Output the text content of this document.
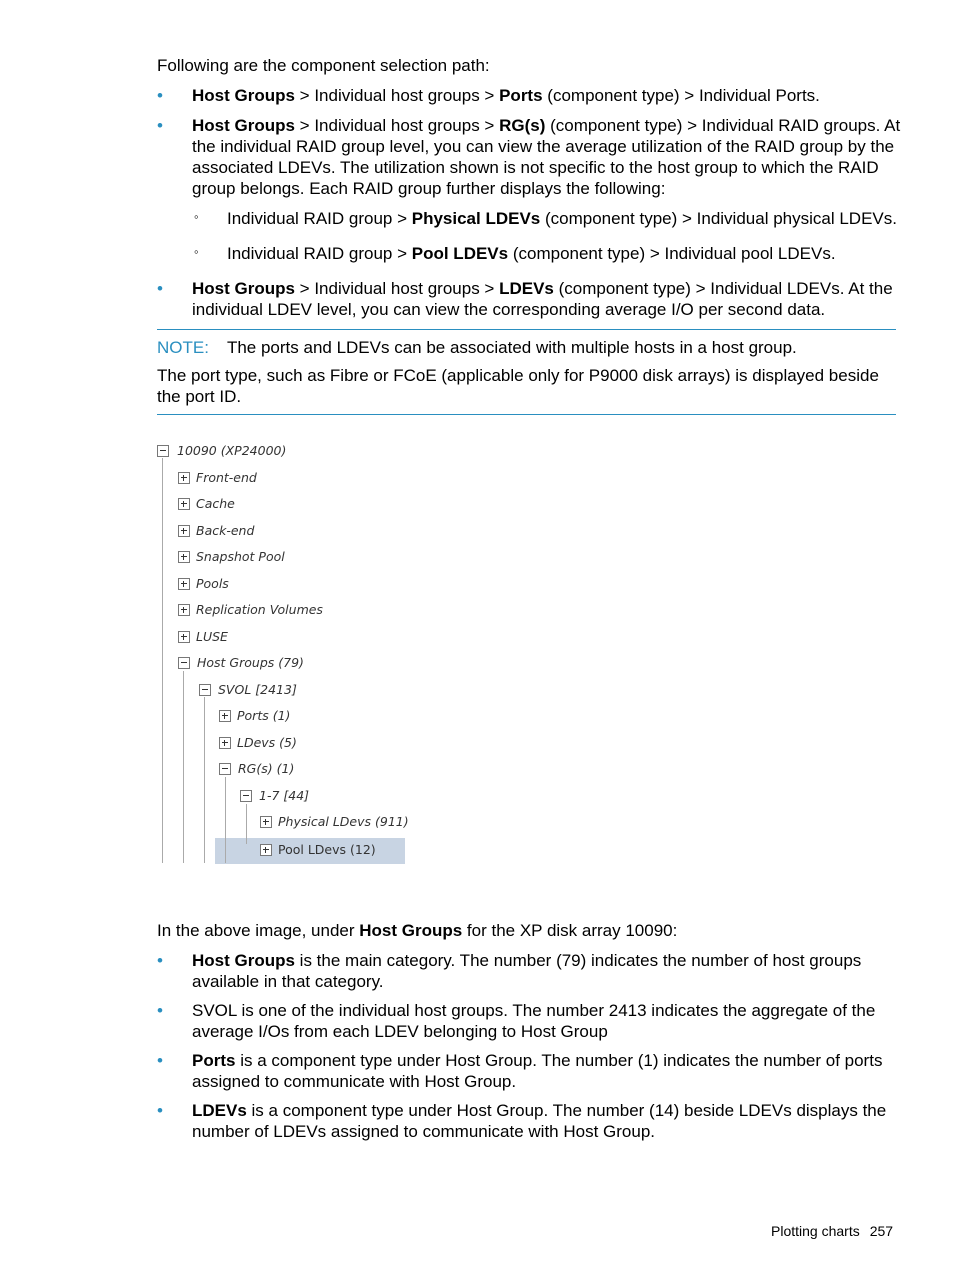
Following are the component selection path:
• Host Groups > Individual host groups > Ports (component type) > Individual Ports.
• Host Groups > Individual host groups > RG(s) (component type) > Individual RAID groups. At the individual RAID group level, you can view the average utilization of the RAID group by the associated LDEVs. The utilization shown is not specific to the host group to which the RAID group belongs. Each RAID group further displays the following:
◦ Individual RAID group > Physical LDEVs (component type) > Individual physical LDEVs.
◦ Individual RAID group > Pool LDEVs (component type) > Individual pool LDEVs.
• Host Groups > Individual host groups > LDEVs (component type) > Individual LDEVs. At the individual LDEV level, you can view the corresponding average I/O per second data.
NOTE: The ports and LDEVs can be associated with multiple hosts in a host group.
The port type, such as Fibre or FCoE (applicable only for P9000 disk arrays) is displayed beside the port ID.
10090 (XP24000)
Front-end
Cache
Back-end
Snapshot Pool
Pools
Replication Volumes
LUSE
Host Groups (79)
SVOL [2413]
Ports (1)
LDevs (5)
RG(s) (1)
1-7 [44]
Physical LDevs (911)
Pool LDevs (12)
In the above image, under Host Groups for the XP disk array 10090:
• Host Groups is the main category. The number (79) indicates the number of host groups available in that category.
• SVOL is one of the individual host groups. The number 2413 indicates the aggregate of the average I/Os from each LDEV belonging to Host Group
• Ports is a component type under Host Group. The number (1) indicates the number of ports assigned to communicate with Host Group.
• LDEVs is a component type under Host Group. The number (14) beside LDEVs displays the number of LDEVs assigned to communicate with Host Group.
Plotting charts 257
